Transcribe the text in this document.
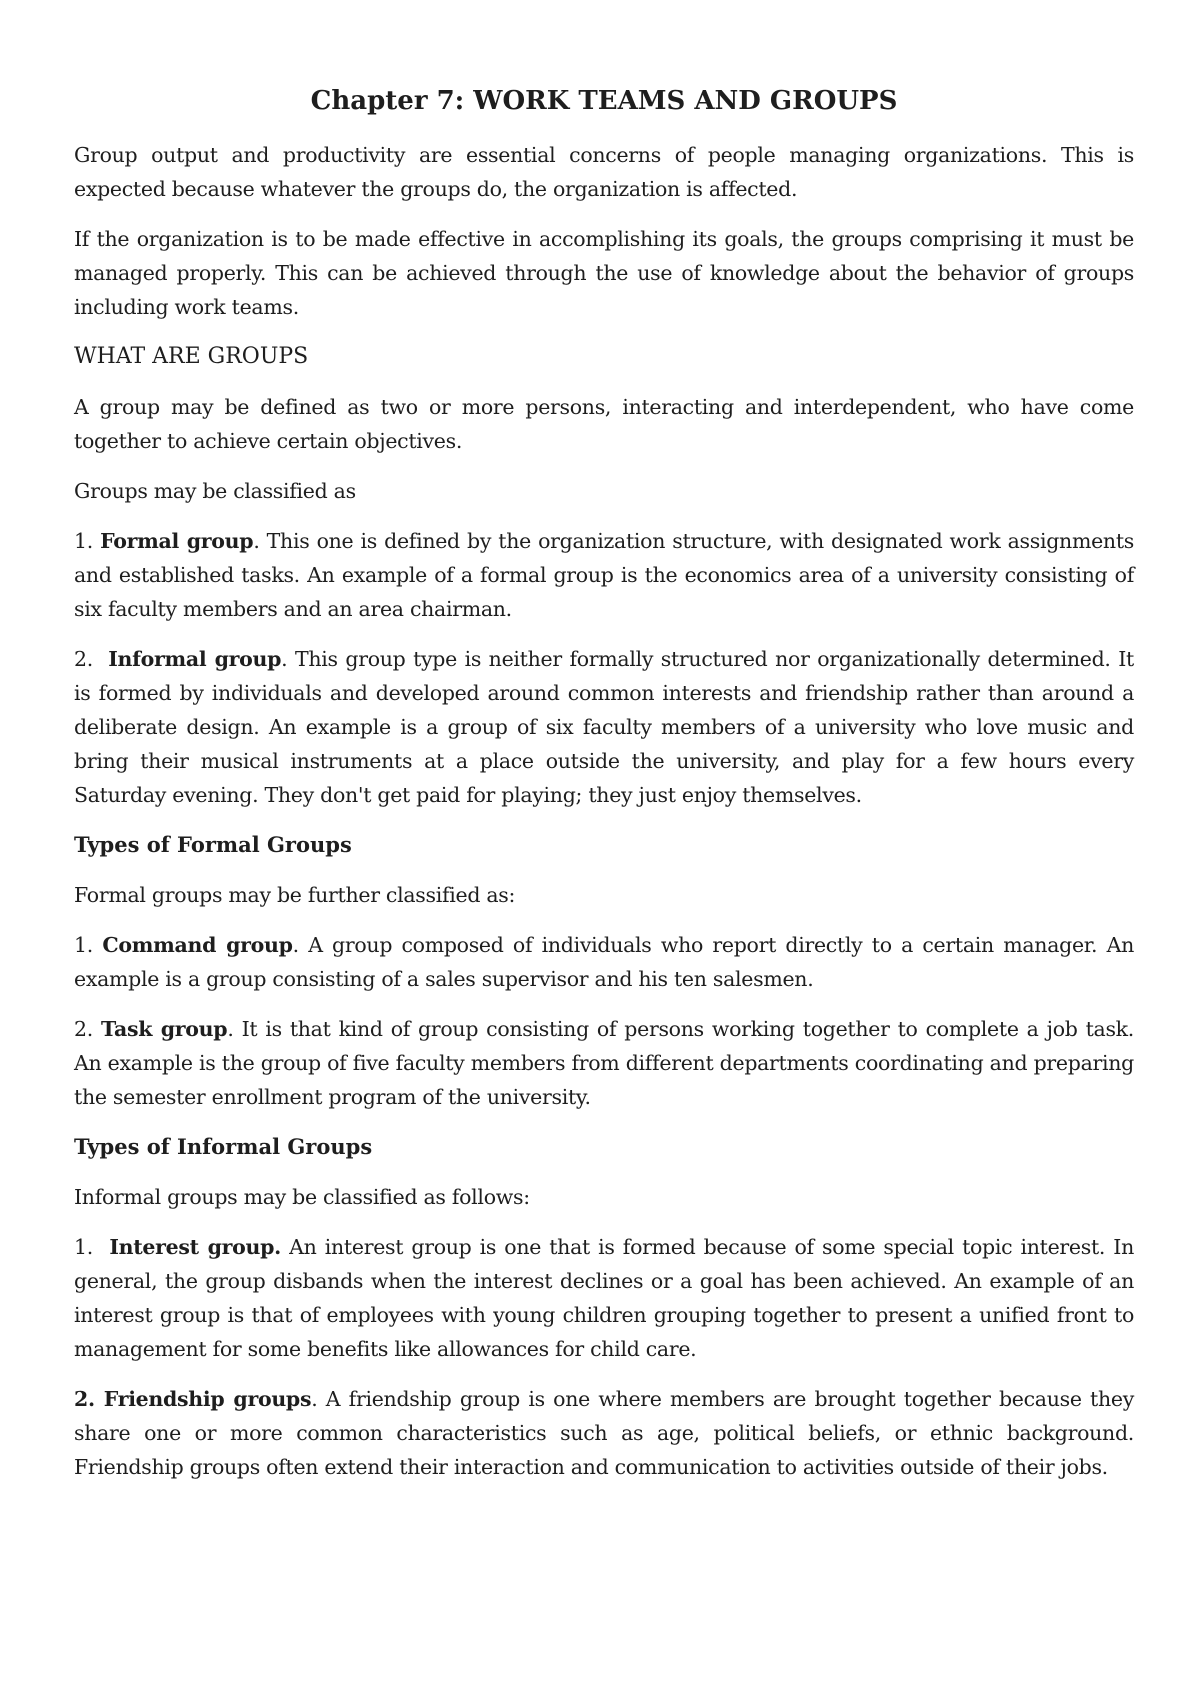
Chapter 7: WORK TEAMS AND GROUPS

Group output and productivity are essential concerns of people managing organizations. This is expected because whatever the groups do, the organization is affected.

If the organization is to be made effective in accomplishing its goals, the groups comprising it must be managed properly. This can be achieved through the use of knowledge about the behavior of groups including work teams.

WHAT ARE GROUPS

A group may be defined as two or more persons, interacting and interdependent, who have come together to achieve certain objectives.

Groups may be classified as

1. Formal group. This one is defined by the organization structure, with designated work assignments and established tasks. An example of a formal group is the economics area of a university consisting of six faculty members and an area chairman.

2. Informal group. This group type is neither formally structured nor organizationally determined. It is formed by individuals and developed around common interests and friendship rather than around a deliberate design. An example is a group of six faculty members of a university who love music and bring their musical instruments at a place outside the university, and play for a few hours every Saturday evening. They don't get paid for playing; they just enjoy themselves.

Types of Formal Groups

Formal groups may be further classified as:

1. Command group. A group composed of individuals who report directly to a certain manager. An example is a group consisting of a sales supervisor and his ten salesmen.

2. Task group. It is that kind of group consisting of persons working together to complete a job task. An example is the group of five faculty members from different departments coordinating and preparing the semester enrollment program of the university.

Types of Informal Groups

Informal groups may be classified as follows:

1. Interest group. An interest group is one that is formed because of some special topic interest. In general, the group disbands when the interest declines or a goal has been achieved. An example of an interest group is that of employees with young children grouping together to present a unified front to management for some benefits like allowances for child care.

2. Friendship groups. A friendship group is one where members are brought together because they share one or more common characteristics such as age, political beliefs, or ethnic background. Friendship groups often extend their interaction and communication to activities outside of their jobs.
